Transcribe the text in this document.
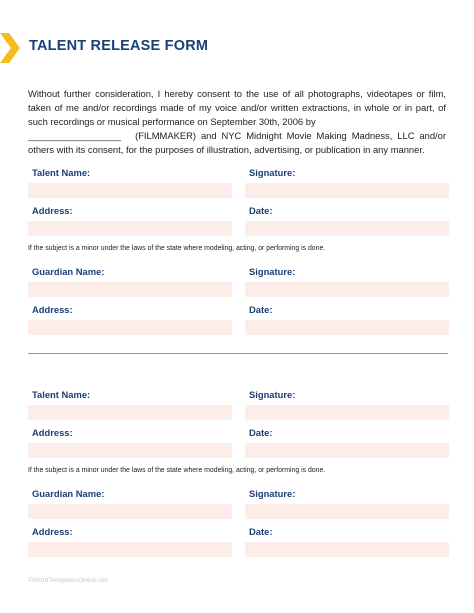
TALENT RELEASE FORM
Without further consideration, I hereby consent to the use of all photographs, videotapes or film, taken of me and/or recordings made of my voice and/or written extractions, in whole or in part, of such recordings or musical performance on September 30th, 2006 by
____________________ (FILMMAKER) and NYC Midnight Movie Making Madness, LLC and/or others with its consent, for the purposes of illustration, advertising, or publication in any manner.
Talent Name:	Signature:
Address:	Date:
If the subject is a minor under the laws of the state where modeling, acting, or performing is done.
Guardian Name:	Signature:
Address:	Date:
Talent Name:	Signature:
Address:	Date:
If the subject is a minor under the laws of the state where modeling, acting, or performing is done.
Guardian Name:	Signature:
Address:	Date:
©WordTemplatesOnline.net
